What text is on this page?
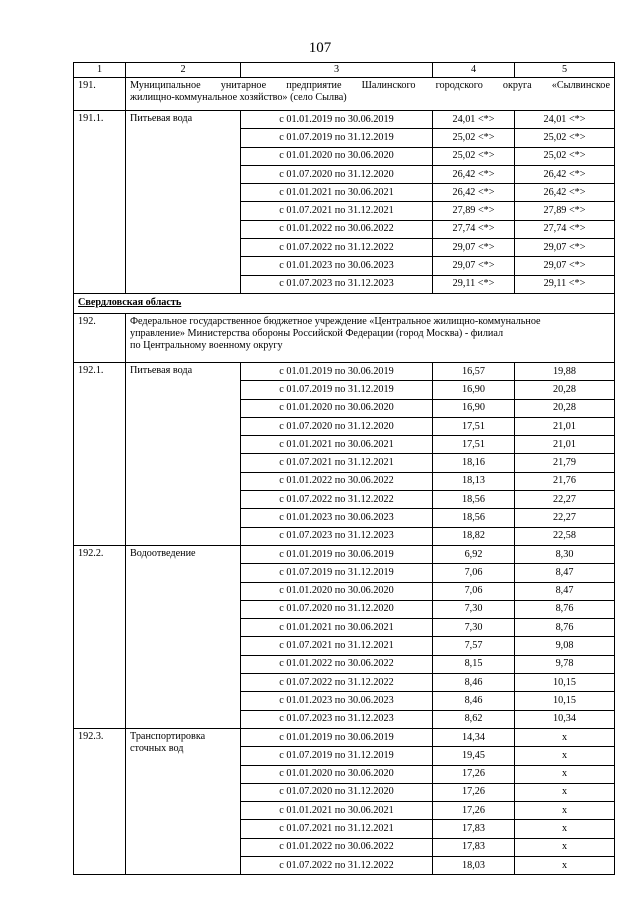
107
1	2	3	4	5
191.	Муниципальное унитарное предприятие Шалинского городского округа «Сылвинское
жилищно-коммунальное хозяйство» (село Сылва)			

191.1.	Питьевая вода	с 01.01.2019 по 30.06.2019	24,01 <*>	24,01 <*>
		с 01.07.2019 по 31.12.2019	25,02 <*>	25,02 <*>
		с 01.01.2020 по 30.06.2020	25,02 <*>	25,02 <*>
		с 01.07.2020 по 31.12.2020	26,42 <*>	26,42 <*>
		с 01.01.2021 по 30.06.2021	26,42 <*>	26,42 <*>
		с 01.07.2021 по 31.12.2021	27,89 <*>	27,89 <*>
		с 01.01.2022 по 30.06.2022	27,74 <*>	27,74 <*>
		с 01.07.2022 по 31.12.2022	29,07 <*>	29,07 <*>
		с 01.01.2023 по 30.06.2023	29,07 <*>	29,07 <*>
		с 01.07.2023 по 31.12.2023	29,11 <*>	29,11 <*>
Свердловская область				
192.	Федеральное государственное бюджетное учреждение «Центральное жилищно-коммунальное
управление» Министерства обороны Российской Федерации (город Москва) - филиал
по Центральному военному округу			

192.1.	Питьевая вода	с 01.01.2019 по 30.06.2019	16,57	19,88
		с 01.07.2019 по 31.12.2019	16,90	20,28
		с 01.01.2020 по 30.06.2020	16,90	20,28
		с 01.07.2020 по 31.12.2020	17,51	21,01
		с 01.01.2021 по 30.06.2021	17,51	21,01
		с 01.07.2021 по 31.12.2021	18,16	21,79
		с 01.01.2022 по 30.06.2022	18,13	21,76
		с 01.07.2022 по 31.12.2022	18,56	22,27
		с 01.01.2023 по 30.06.2023	18,56	22,27
		с 01.07.2023 по 31.12.2023	18,82	22,58
192.2.	Водоотведение	с 01.01.2019 по 30.06.2019	6,92	8,30
		с 01.07.2019 по 31.12.2019	7,06	8,47
		с 01.01.2020 по 30.06.2020	7,06	8,47
		с 01.07.2020 по 31.12.2020	7,30	8,76
		с 01.01.2021 по 30.06.2021	7,30	8,76
		с 01.07.2021 по 31.12.2021	7,57	9,08
		с 01.01.2022 по 30.06.2022	8,15	9,78
		с 01.07.2022 по 31.12.2022	8,46	10,15
		с 01.01.2023 по 30.06.2023	8,46	10,15
		с 01.07.2023 по 31.12.2023	8,62	10,34
192.3.	Транспортировка
сточных вод	с 01.01.2019 по 30.06.2019	14,34	x
		с 01.07.2019 по 31.12.2019	19,45	x
		с 01.01.2020 по 30.06.2020	17,26	x
		с 01.07.2020 по 31.12.2020	17,26	x
		с 01.01.2021 по 30.06.2021	17,26	x
		с 01.07.2021 по 31.12.2021	17,83	x
		с 01.01.2022 по 30.06.2022	17,83	x
		с 01.07.2022 по 31.12.2022	18,03	x
